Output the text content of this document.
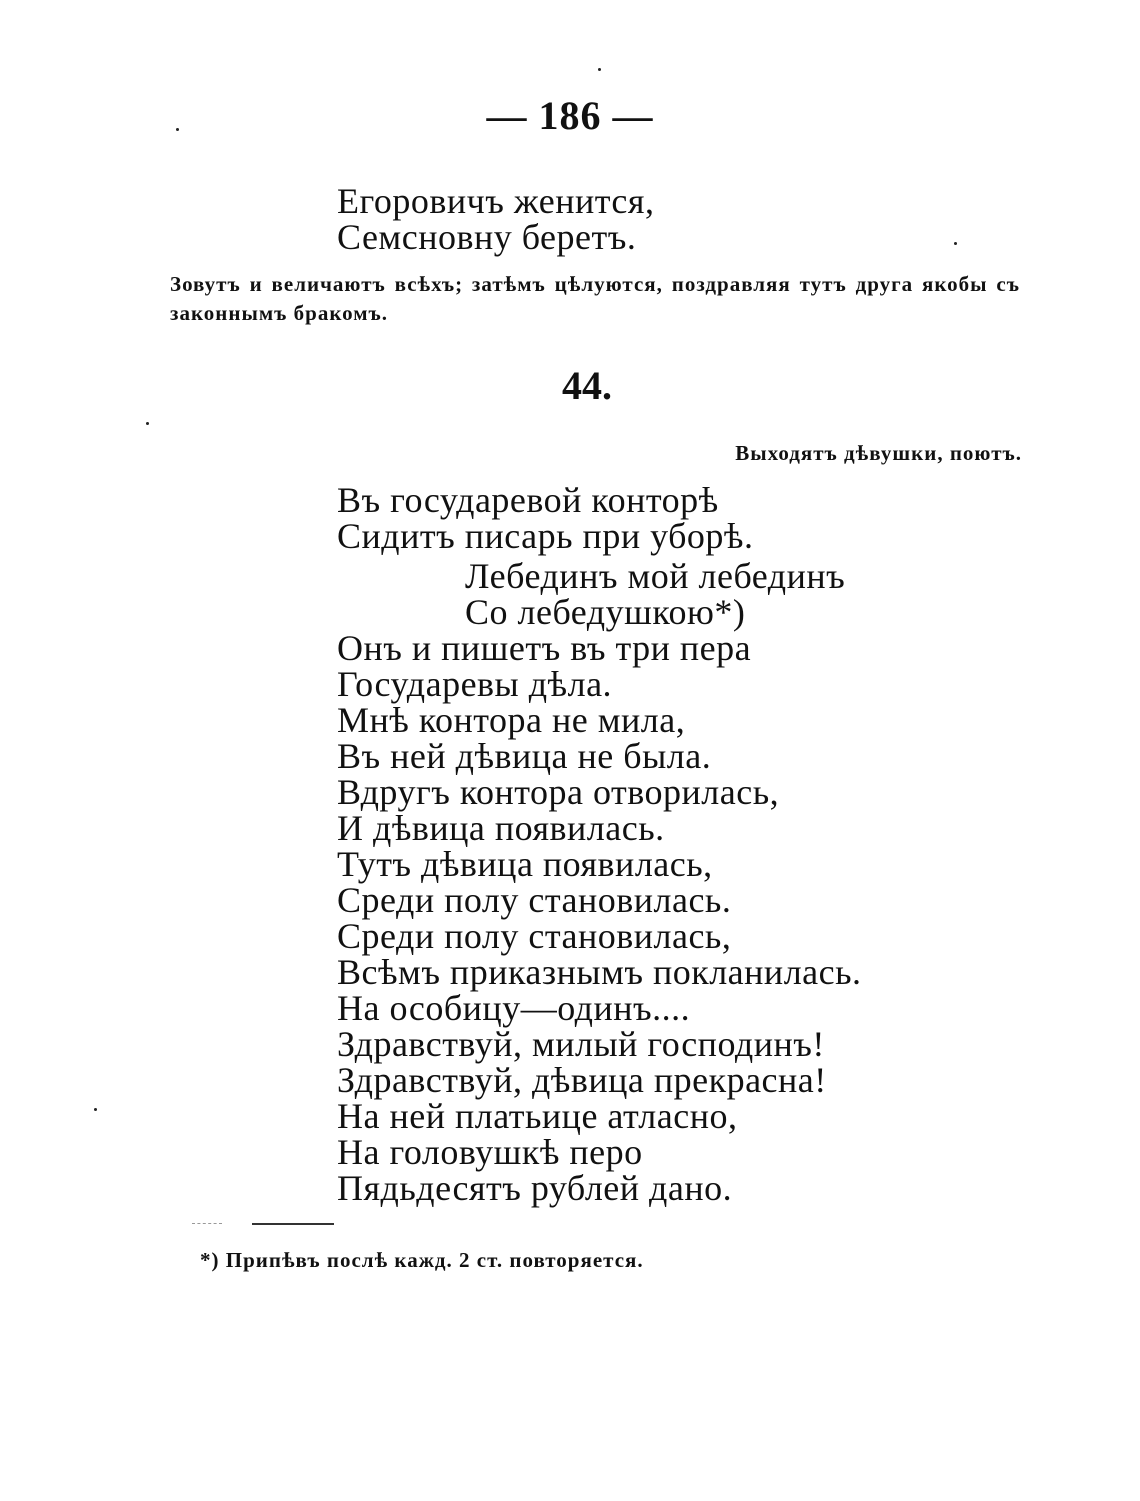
— 186 —
Егоровичъ женится,
Семсновну беретъ.
Зовутъ и величаютъ всѣхъ; затѣмъ цѣлуются, поздравляя тутъ друга якобы съ законнымъ бракомъ.
44.
Выходятъ дѣвушки, поютъ.
Въ государевой конторѣ
Сидитъ писарь при уборѣ.
Лебединъ мой лебединъ
Со лебедушкою*)
Онъ и пишетъ въ три пера
Государевы дѣла.
Мнѣ контора не мила,
Въ ней дѣвица не была.
Вдругъ контора отворилась,
И дѣвица появилась.
Тутъ дѣвица появилась,
Среди полу становилась.
Среди полу становилась,
Всѣмъ приказнымъ покланилась.
На особицу—одинъ....
Здравствуй, милый господинъ!
Здравствуй, дѣвица прекрасна!
На ней платьице атласно,
На головушкѣ перо
Пядьдесятъ рублей дано.
*) Припѣвъ послѣ кажд. 2 ст. повторяется.
